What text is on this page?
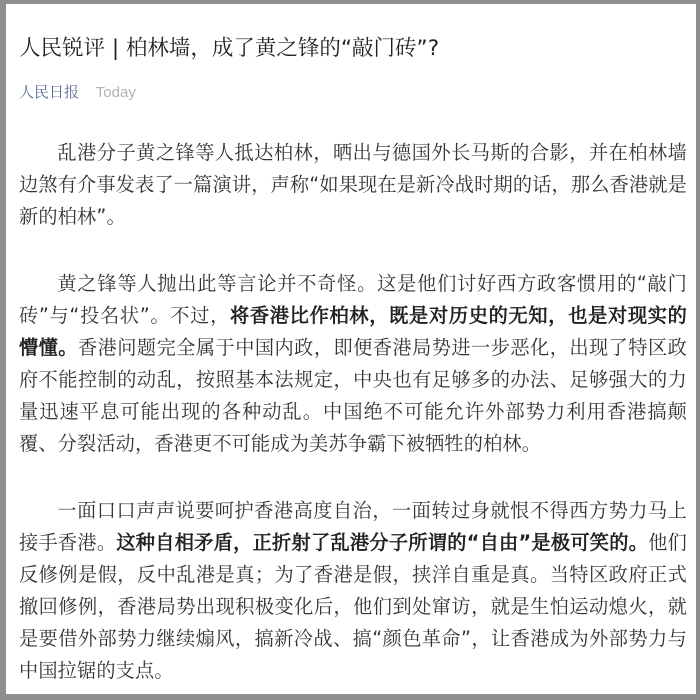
人民锐评 | 柏林墙，成了黄之锋的“敲门砖”?
人民日报 Today

乱港分子黄之锋等人抵达柏林，晒出与德国外长马斯的合影，并在柏林墙边煞有介事发表了一篇演讲，声称“如果现在是新冷战时期的话，那么香港就是新的柏林”。

黄之锋等人抛出此等言论并不奇怪。这是他们讨好西方政客惯用的“敲门砖”与“投名状”。不过，将香港比作柏林，既是对历史的无知，也是对现实的懵懂。香港问题完全属于中国内政，即便香港局势进一步恶化，出现了特区政府不能控制的动乱，按照基本法规定，中央也有足够多的办法、足够强大的力量迅速平息可能出现的各种动乱。中国绝不可能允许外部势力利用香港搞颠覆、分裂活动，香港更不可能成为美苏争霸下被牺牲的柏林。

一面口口声声说要呵护香港高度自治，一面转过身就恨不得西方势力马上接手香港。这种自相矛盾，正折射了乱港分子所谓的“自由”是极可笑的。他们反修例是假，反中乱港是真；为了香港是假，挟洋自重是真。当特区政府正式撤回修例，香港局势出现积极变化后，他们到处窜访，就是生怕运动熄火，就是要借外部势力继续煽风，搞新冷战、搞“颜色革命”，让香港成为外部势力与中国拉锯的支点。
